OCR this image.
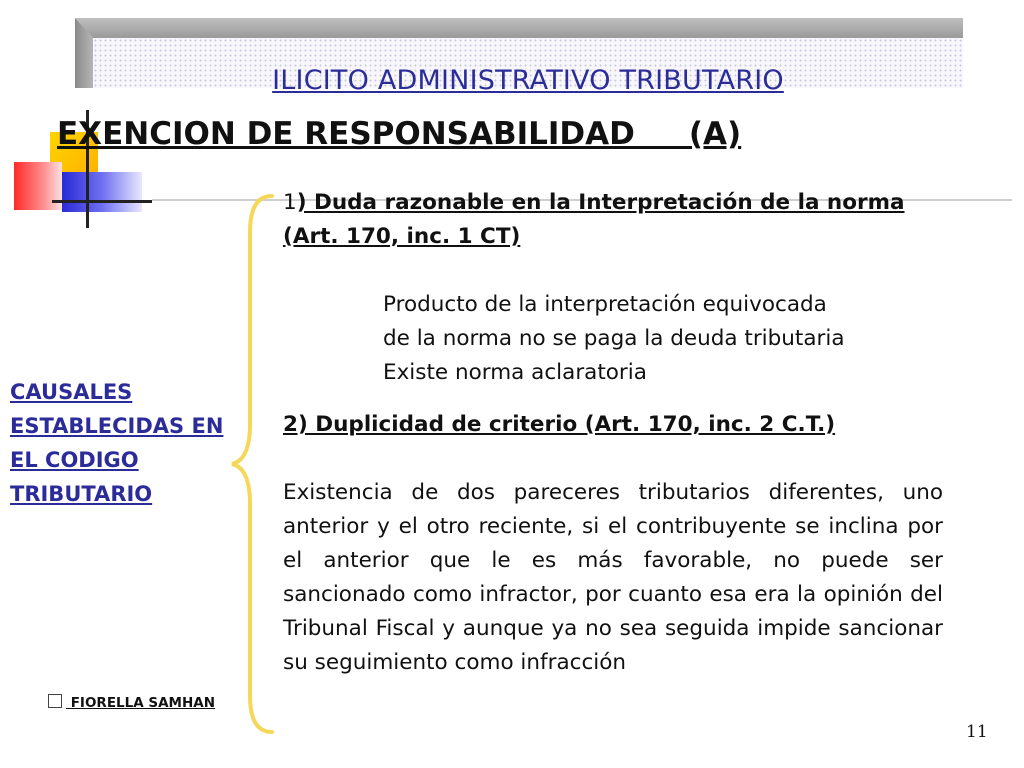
ILICITO ADMINISTRATIVO TRIBUTARIO
EXENCION DE RESPONSABILIDAD     (A)
CAUSALES ESTABLECIDAS EN EL CODIGO TRIBUTARIO
1) Duda razonable en la Interpretación de la norma (Art. 170, inc. 1 CT)
Producto de la interpretación equivocada
de la norma no se paga la deuda tributaria
Existe norma aclaratoria
2) Duplicidad de criterio (Art. 170, inc. 2 C.T.)
Existencia de dos pareceres tributarios diferentes, uno anterior y el otro reciente, si el contribuyente se inclina por el anterior que le es más favorable, no puede ser sancionado como infractor, por cuanto esa era la opinión del Tribunal Fiscal y aunque ya no sea seguida impide sancionar su seguimiento como infracción
FIORELLA SAMHAN
11
